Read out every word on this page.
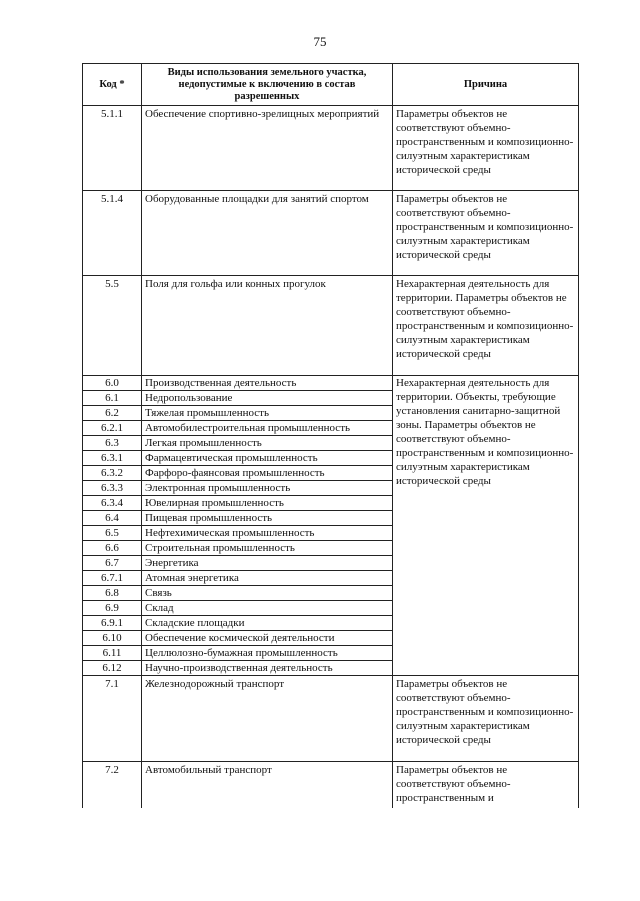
75
Код *	Виды использования земельного участка, недопустимые к включению в состав разрешенных	Причина
5.1.1	Обеспечение спортивно-зрелищных мероприятий	Параметры объектов не соответствуют объемно-пространственным и композиционно-силуэтным характеристикам исторической среды
5.1.4	Оборудованные площадки для занятий спортом	Параметры объектов не соответствуют объемно-пространственным и композиционно-силуэтным характеристикам исторической среды
5.5	Поля для гольфа или конных прогулок	Нехарактерная деятельность для территории. Параметры объектов не соответствуют объемно-пространственным и композиционно-силуэтным характеристикам исторической среды
6.0	Производственная деятельность	Нехарактерная деятельность для территории. Объекты, требующие установления санитарно-защитной зоны. Параметры объектов не соответствуют объемно-пространственным и композиционно-силуэтным характеристикам исторической среды
6.1	Недропользование	
6.2	Тяжелая промышленность	
6.2.1	Автомобилестроительная промышленность	
6.3	Легкая промышленность	
6.3.1	Фармацевтическая промышленность	
6.3.2	Фарфоро-фаянсовая промышленность	
6.3.3	Электронная промышленность	
6.3.4	Ювелирная промышленность	
6.4	Пищевая промышленность	
6.5	Нефтехимическая промышленность	
6.6	Строительная промышленность	
6.7	Энергетика	
6.7.1	Атомная энергетика	
6.8	Связь	
6.9	Склад	
6.9.1	Складские площадки	
6.10	Обеспечение космической деятельности	
6.11	Целлюлозно-бумажная промышленность	
6.12	Научно-производственная деятельность	
7.1	Железнодорожный транспорт	Параметры объектов не соответствуют объемно-пространственным и композиционно-силуэтным характеристикам исторической среды
7.2	Автомобильный транспорт	Параметры объектов не соответствуют объемно-пространственным и
